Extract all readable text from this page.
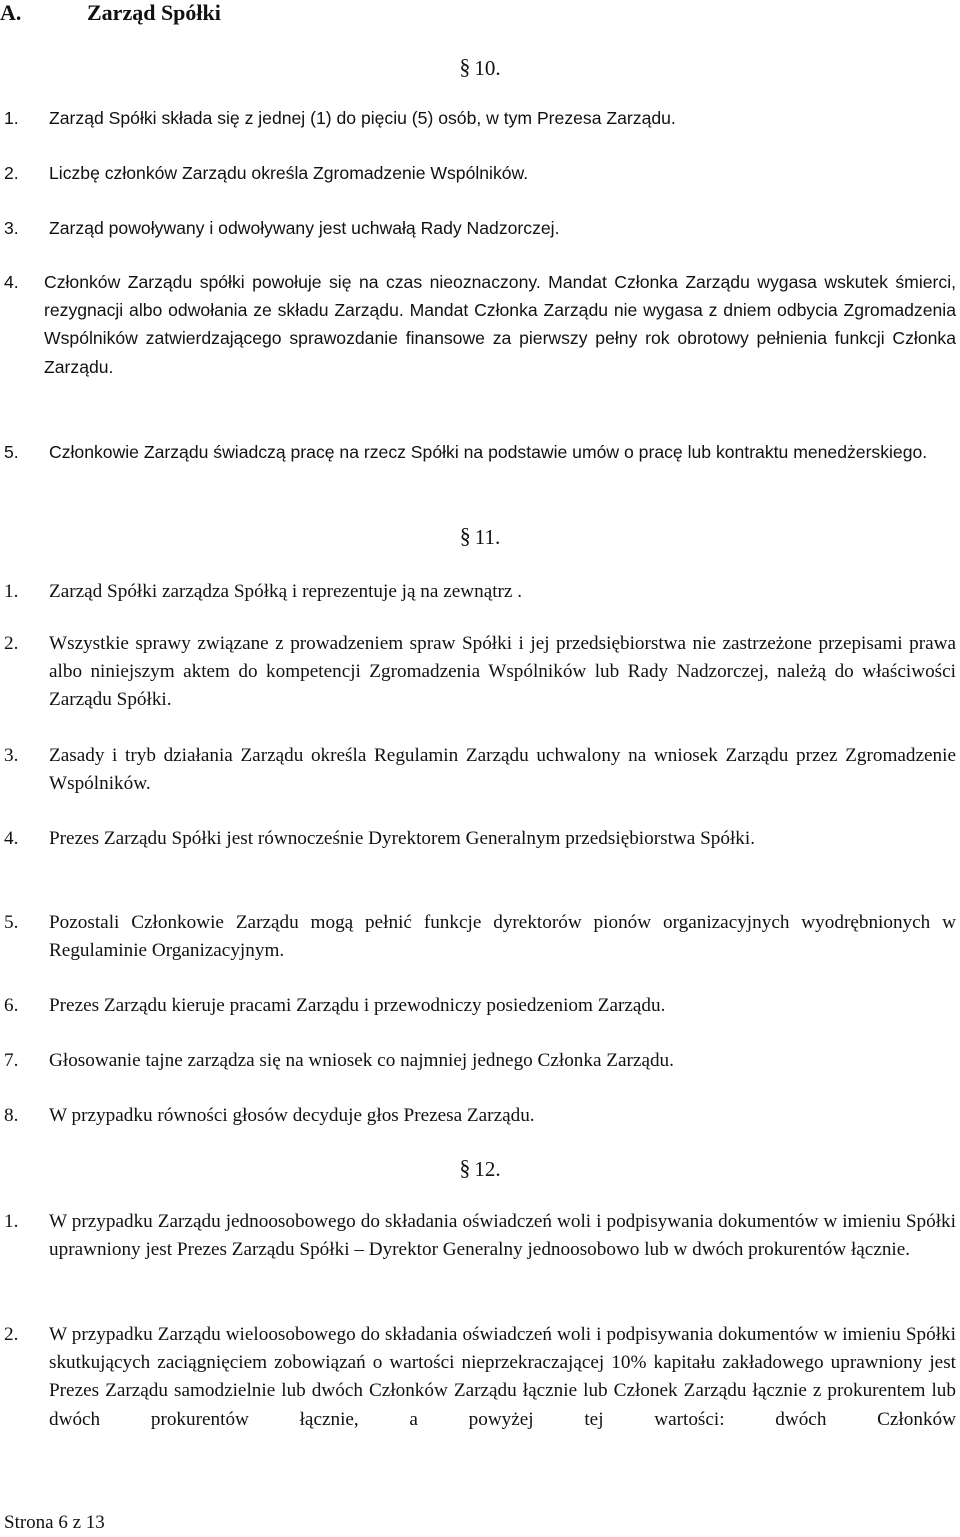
A.	Zarząd Spółki
§ 10.
1. Zarząd Spółki składa się z jednej (1) do pięciu (5) osób, w tym Prezesa Zarządu.
2. Liczbę członków Zarządu określa Zgromadzenie Wspólników.
3. Zarząd powoływany i odwoływany jest uchwałą Rady Nadzorczej.
4. Członków Zarządu spółki powołuje się na czas nieoznaczony. Mandat Członka Zarządu wygasa wskutek śmierci, rezygnacji albo odwołania ze składu Zarządu. Mandat Członka Zarządu nie wygasa z dniem odbycia Zgromadzenia Wspólników zatwierdzającego sprawozdanie finansowe za pierwszy pełny rok obrotowy pełnienia funkcji Członka Zarządu.
5. Członkowie Zarządu świadczą pracę na rzecz Spółki na podstawie umów o pracę lub kontraktu menedżerskiego.
§ 11.
1. Zarząd Spółki zarządza Spółką i reprezentuje ją na zewnątrz .
2. Wszystkie sprawy związane z prowadzeniem spraw Spółki i jej przedsiębiorstwa nie zastrzeżone przepisami prawa albo niniejszym aktem do kompetencji Zgromadzenia Wspólników lub Rady Nadzorczej, należą do właściwości Zarządu Spółki.
3. Zasady i tryb działania Zarządu określa Regulamin Zarządu uchwalony na wniosek Zarządu przez Zgromadzenie Wspólników.
4. Prezes Zarządu Spółki jest równocześnie Dyrektorem Generalnym przedsiębiorstwa Spółki.
5. Pozostali Członkowie Zarządu mogą pełnić funkcje dyrektorów pionów organizacyjnych wyodrębnionych w Regulaminie Organizacyjnym.
6. Prezes Zarządu kieruje pracami Zarządu i przewodniczy posiedzeniom Zarządu.
7. Głosowanie tajne zarządza się na wniosek co najmniej jednego Członka Zarządu.
8. W przypadku równości głosów decyduje głos Prezesa Zarządu.
§ 12.
1. W przypadku Zarządu jednoosobowego do składania oświadczeń woli i podpisywania dokumentów w imieniu Spółki uprawniony jest Prezes Zarządu Spółki – Dyrektor Generalny jednoosobowo lub w dwóch prokurentów łącznie.
2. W przypadku Zarządu wieloosobowego do składania oświadczeń woli i podpisywania dokumentów w imieniu Spółki skutkujących zaciągnięciem zobowiązań o wartości nieprzekraczającej 10% kapitału zakładowego uprawniony jest Prezes Zarządu samodzielnie lub dwóch Członków Zarządu łącznie lub Członek Zarządu łącznie z prokurentem lub dwóch prokurentów łącznie, a powyżej tej wartości: dwóch Członków
Strona 6 z 13
